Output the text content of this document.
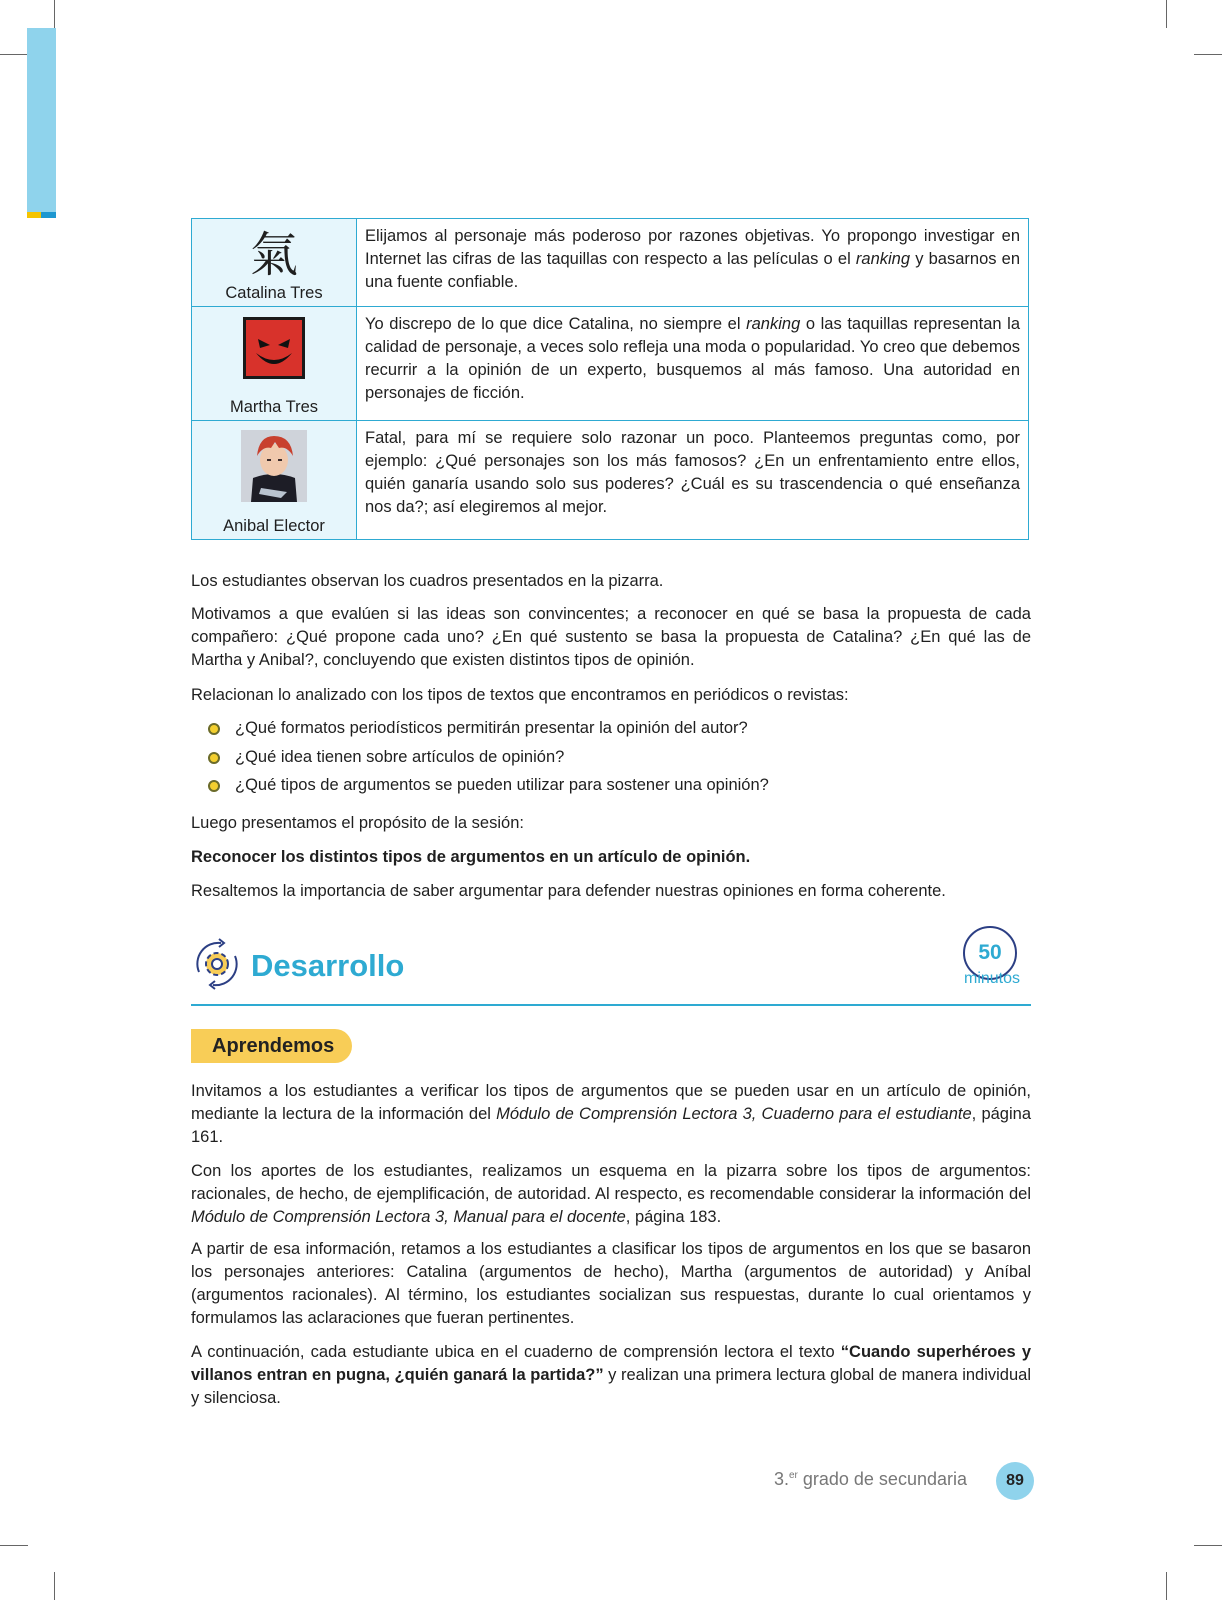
氣
Catalina Tres	Elijamos al personaje más poderoso por razones objetivas. Yo propongo investigar en Internet las cifras de las taquillas con respecto a las películas o el ranking y basarnos en una fuente confiable.

Martha Tres	Yo discrepo de lo que dice Catalina, no siempre el ranking o las taquillas representan la calidad de personaje, a veces solo refleja una moda o popularidad. Yo creo que debemos recurrir a la opinión de un experto, busquemos al más famoso. Una autoridad en personajes de ficción.

Anibal Elector	Fatal, para mí se requiere solo razonar un poco. Planteemos preguntas como, por ejemplo: ¿Qué personajes son los más famosos? ¿En un enfrentamiento entre ellos, quién ganaría usando solo sus poderes? ¿Cuál es su trascendencia o qué enseñanza nos da?; así elegiremos al mejor.

Los estudiantes observan los cuadros presentados en la pizarra.

Motivamos a que evalúen si las ideas son convincentes; a reconocer en qué se basa la propuesta de cada compañero: ¿Qué propone cada uno? ¿En qué sustento se basa la propuesta de Catalina? ¿En qué las de Martha y Anibal?, concluyendo que existen distintos tipos de opinión.

Relacionan lo analizado con los tipos de textos que encontramos en periódicos o revistas:

¿Qué formatos periodísticos permitirán presentar la opinión del autor?
¿Qué idea tienen sobre artículos de opinión?
¿Qué tipos de argumentos se pueden utilizar para sostener una opinión?

Luego presentamos el propósito de la sesión:

Reconocer los distintos tipos de argumentos en un artículo de opinión.

Resaltemos la importancia de saber argumentar para defender nuestras opiniones en forma coherente.

Desarrollo	50
minutos
Aprendemos

Invitamos a los estudiantes a verificar los tipos de argumentos que se pueden usar en un artículo de opinión, mediante la lectura de la información del Módulo de Comprensión Lectora 3, Cuaderno para el estudiante, página 161.

Con los aportes de los estudiantes, realizamos un esquema en la pizarra sobre los tipos de argumentos: racionales, de hecho, de ejemplificación, de autoridad. Al respecto, es recomendable considerar la información del Módulo de Comprensión Lectora 3, Manual para el docente, página 183.

A partir de esa información, retamos a los estudiantes a clasificar los tipos de argumentos en los que se basaron los personajes anteriores: Catalina (argumentos de hecho), Martha (argumentos de autoridad) y Aníbal (argumentos racionales). Al término, los estudiantes socializan sus respuestas, durante lo cual orientamos y formulamos las aclaraciones que fueran pertinentes.

A continuación, cada estudiante ubica en el cuaderno de comprensión lectora el texto “Cuando superhéroes y villanos entran en pugna, ¿quién ganará la partida?” y realizan una primera lectura global de manera individual y silenciosa.

3.$^{er}$ grado de secundaria	89
